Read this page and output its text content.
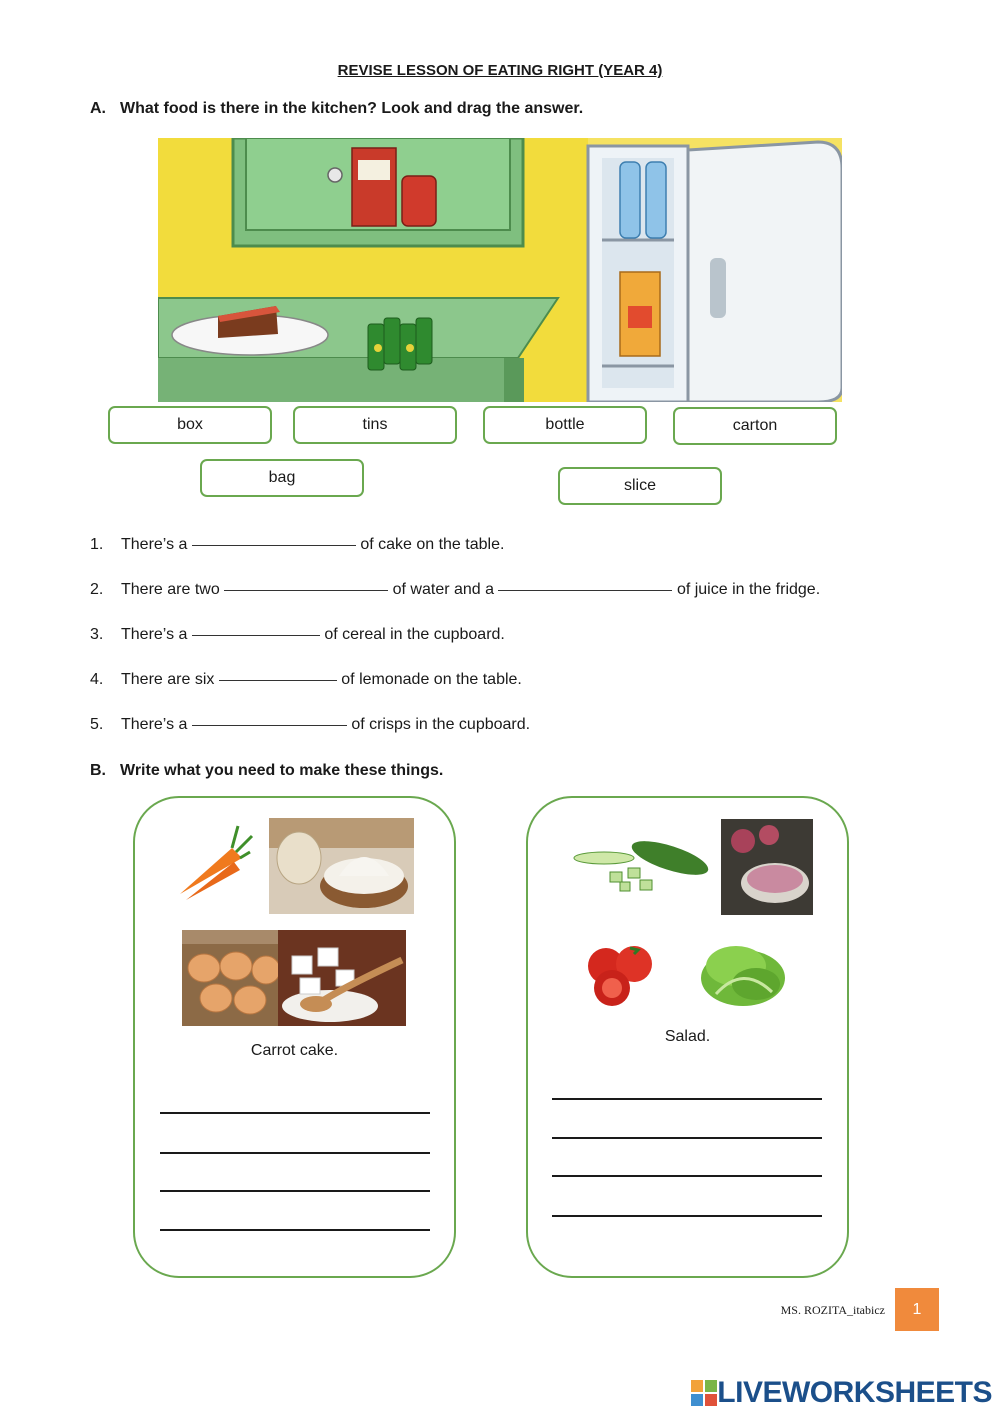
REVISE LESSON OF EATING RIGHT (YEAR 4)
A. What food is there in the kitchen? Look and drag the answer.
box	tins	bottle	carton
bag	slice
1. There’s a	of cake on the table.
2. There are two	of water and a	of juice in the fridge.
3. There’s a	of cereal in the cupboard.
4. There are six	of lemonade on the table.
5. There’s a	of crisps in the cupboard.
B. Write what you need to make these things.
Carrot cake.
Salad.
MS. ROZITA_itabicz	1
LIVEWORKSHEETS
